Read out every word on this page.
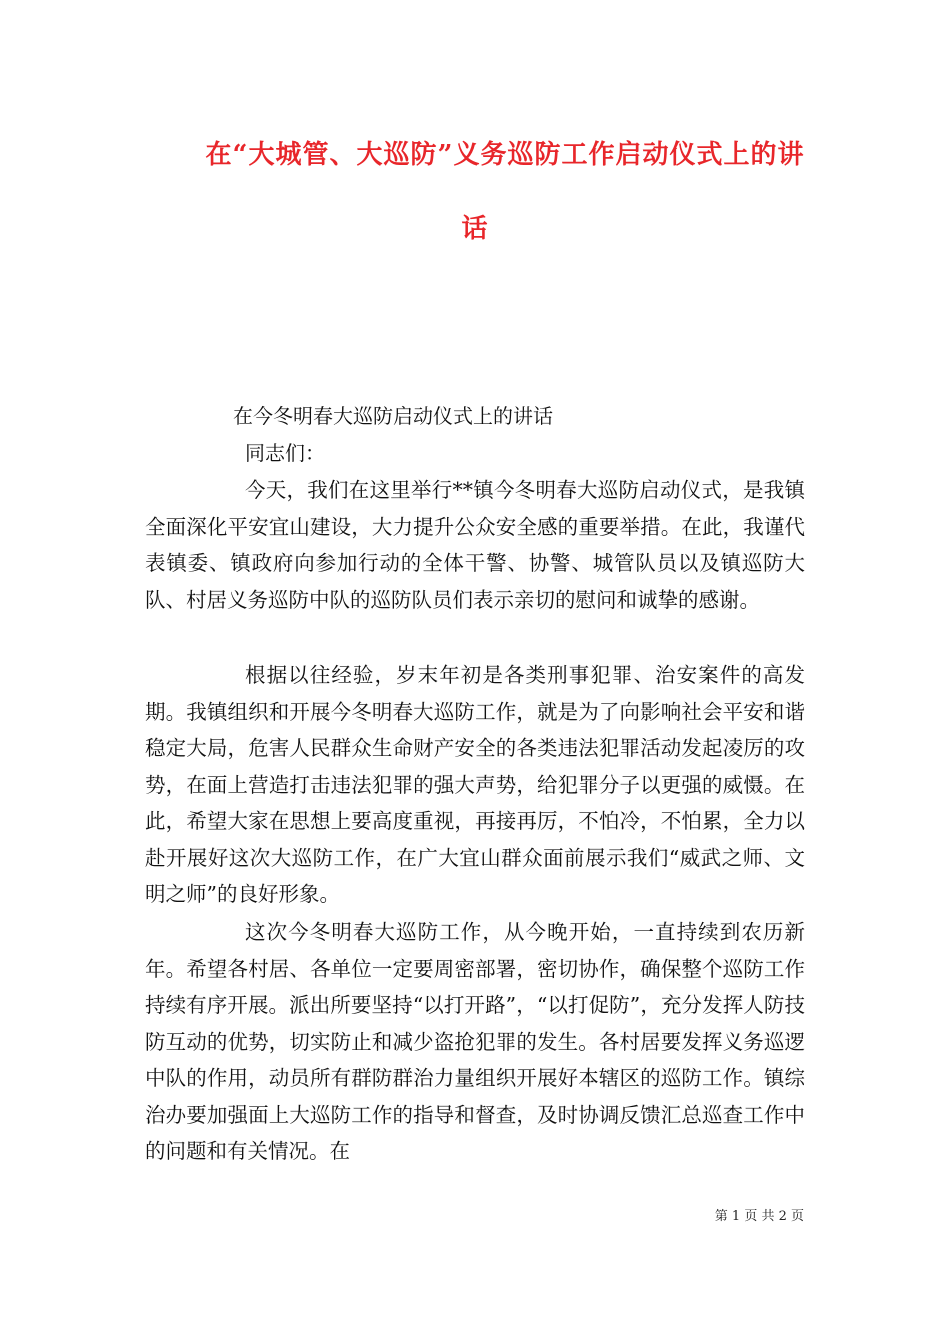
在“大城管、大巡防”义务巡防工作启动仪式上的讲
话
在今冬明春大巡防启动仪式上的讲话
同志们：

今天，我们在这里举行**镇今冬明春大巡防启动仪式，是我镇全面深化平安宜山建设，大力提升公众安全感的重要举措。在此，我谨代表镇委、镇政府向参加行动的全体干警、协警、城管队员以及镇巡防大队、村居义务巡防中队的巡防队员们表示亲切的慰问和诚挚的感谢。

根据以往经验，岁末年初是各类刑事犯罪、治安案件的高发期。我镇组织和开展今冬明春大巡防工作，就是为了向影响社会平安和谐稳定大局，危害人民群众生命财产安全的各类违法犯罪活动发起凌厉的攻势，在面上营造打击违法犯罪的强大声势，给犯罪分子以更强的威慑。在此，希望大家在思想上要高度重视，再接再厉，不怕冷，不怕累，全力以赴开展好这次大巡防工作，在广大宜山群众面前展示我们“威武之师、文明之师”的良好形象。

这次今冬明春大巡防工作，从今晚开始，一直持续到农历新年。希望各村居、各单位一定要周密部署，密切协作，确保整个巡防工作持续有序开展。派出所要坚持“以打开路”，“以打促防”，充分发挥人防技防互动的优势，切实防止和减少盗抢犯罪的发生。各村居要发挥义务巡逻中队的作用，动员所有群防群治力量组织开展好本辖区的巡防工作。镇综治办要加强面上大巡防工作的指导和督查，及时协调反馈汇总巡查工作中的问题和有关情况。在

第 1 页 共 2 页
